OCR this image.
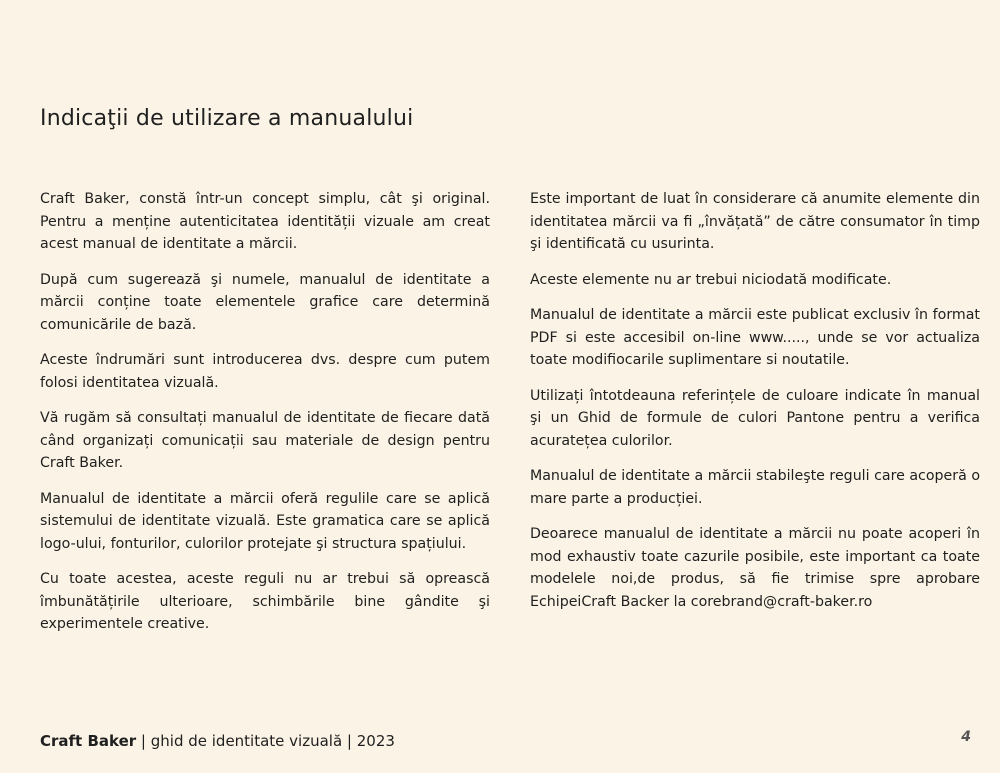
Indicaţii de utilizare a manualului

Craft Baker, constă într-un concept simplu, cât şi original. Pentru a menține autenticitatea identității vizuale am creat acest manual de identitate a mărcii.

După cum sugerează şi numele, manualul de identitate a mărcii conține toate elementele grafice care determină comunicările de bază.

Aceste îndrumări sunt introducerea dvs. despre cum putem folosi identitatea vizuală.

Vă rugăm să consultați manualul de identitate de fiecare dată când organizați comunicații sau materiale de design pentru Craft Baker.

Manualul de identitate a mărcii oferă regulile care se aplică sistemului de identitate vizuală. Este gramatica care se aplică logo-ului, fonturilor, culorilor protejate şi structura spațiului.

Cu toate acestea, aceste reguli nu ar trebui să oprească îmbunătățirile ulterioare, schimbările bine gândite şi experimentele creative.

Este important de luat în considerare că anumite elemente din identitatea mărcii va fi „învățată” de către consumator în timp şi identificată cu usurinta.

Aceste elemente nu ar trebui niciodată modificate.

Manualul de identitate a mărcii este publicat exclusiv în format PDF si este accesibil on-line www....., unde se vor actualiza toate modifiocarile suplimentare si noutatile.

Utilizați întotdeauna referințele de culoare indicate în manual şi un Ghid de formule de culori Pantone pentru a verifica acuratețea culorilor.

Manualul de identitate a mărcii stabileşte reguli care acoperă o mare parte a producției.

Deoarece manualul de identitate a mărcii nu poate acoperi în mod exhaustiv toate cazurile posibile, este important ca toate modelele noi,de produs, să fie trimise spre aprobare EchipeiCraft Backer la corebrand@craft-baker.ro

Craft Baker | ghid de identitate vizuală | 2023	4
